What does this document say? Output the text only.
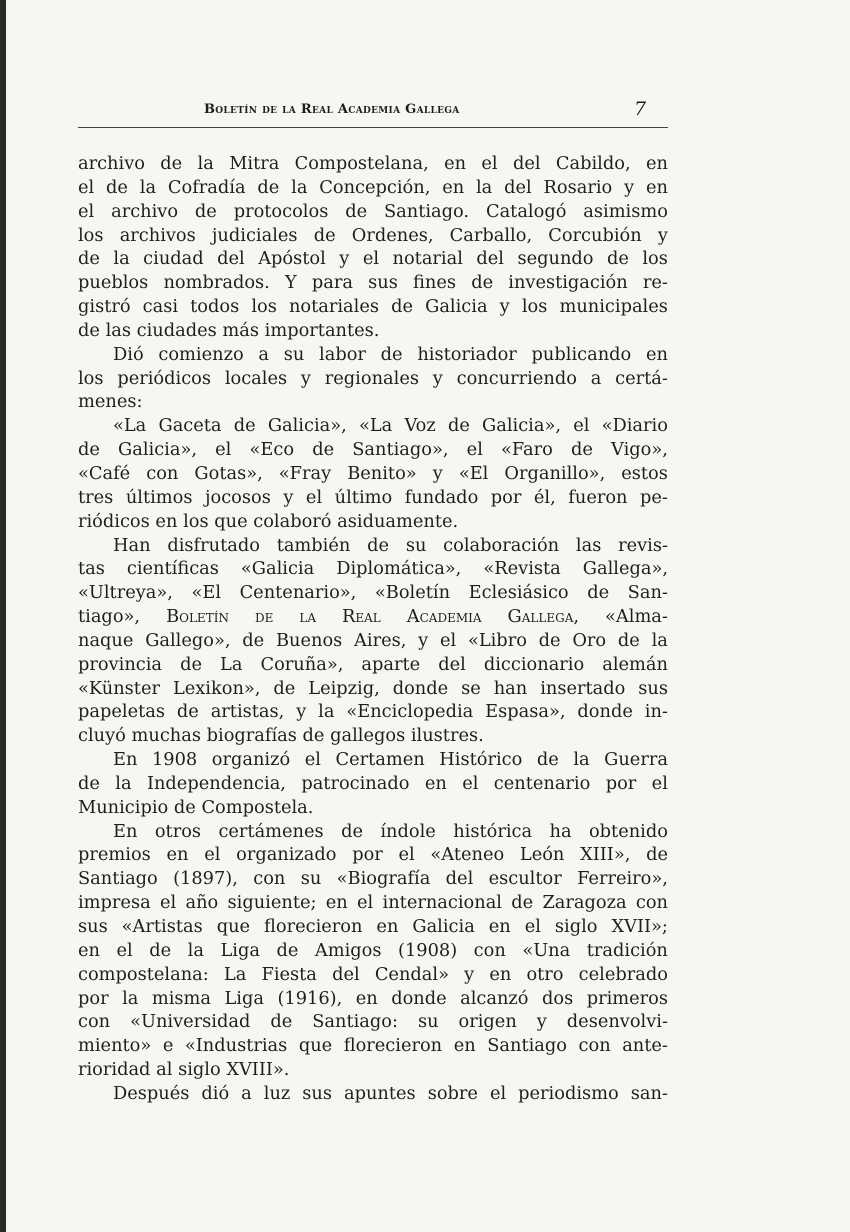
Boletín de la Real Academia Gallega	7
archivo de la Mitra Compostelana, en el del Cabildo, en
el de la Cofradía de la Concepción, en la del Rosario y en
el archivo de protocolos de Santiago. Catalogó asimismo
los archivos judiciales de Ordenes, Carballo, Corcubión y
de la ciudad del Apóstol y el notarial del segundo de los
pueblos nombrados. Y para sus fines de investigación re-
gistró casi todos los notariales de Galicia y los municipales
de
las
ciudades
más
importantes.
Dió comienzo a su labor de historiador publicando en
los periódicos locales y regionales y concurriendo a certá-
menes:
«La Gaceta de Galicia», «La Voz de Galicia», el «Diario
de Galicia», el «Eco de Santiago», el «Faro de Vigo»,
«Café con Gotas», «Fray Benito» y «El Organillo», estos
tres últimos jocosos y el último fundado por él, fueron pe-
riódicos
en
los
que
colaboró
asiduamente.
Han disfrutado también de su colaboración las revis-
tas científicas «Galicia Diplomática», «Revista Gallega»,
«Ultreya», «El Centenario», «Boletín Eclesiásico de San-
tiago», Boletín de la Real Academia Gallega, «Alma-
naque Gallego», de Buenos Aires, y el «Libro de Oro de la
provincia de La Coruña», aparte del diccionario alemán
«Künster Lexikon», de Leipzig, donde se han insertado sus
papeletas de artistas, y la «Enciclopedia Espasa», donde in-
cluyó
muchas
biografías
de
gallegos
ilustres.
En 1908 organizó el Certamen Histórico de la Guerra
de la Independencia, patrocinado en el centenario por el
Municipio
de
Compostela.
En otros certámenes de índole histórica ha obtenido
premios en el organizado por el «Ateneo León XIII», de
Santiago (1897), con su «Biografía del escultor Ferreiro»,
impresa el año siguiente; en el internacional de Zaragoza con
sus «Artistas que florecieron en Galicia en el siglo XVII»;
en el de la Liga de Amigos (1908) con «Una tradición
compostelana: La Fiesta del Cendal» y en otro celebrado
por la misma Liga (1916), en donde alcanzó dos primeros
con «Universidad de Santiago: su origen y desenvolvi-
miento» e «Industrias que florecieron en Santiago con ante-
rioridad
al
siglo
XVIII».
Después dió a luz sus apuntes sobre el periodismo san-
